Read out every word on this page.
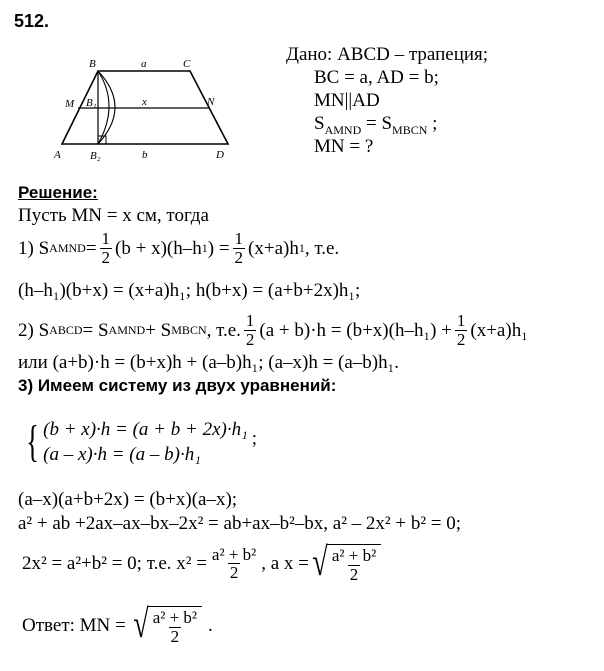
512.
B	a	C
M B₁	x	N
A	B₂	b	D
Дано: ABCD – трапеция;
BC = a, AD = b;
MN||AD
$S_{AMND} = S_{MBCN}$ ;
MN = ?
Решение:
Пусть MN = x см, тогда
1) S AMND = $\frac{1}{2} (b + x)(h-h$ 1 ) = $\frac{1}{2} (x+a)h$ 1 , т.е.
(h–h₁)(b+x) = (x+a)h₁; h(b+x) = (a+b+2x)h₁;
2) S ABCD = S AMND + S MBCN , т.е. $\frac{1}{2} (a + b)\cdot h = (b+x)(h-h_1) + \frac{1}{2} (x+a)h_1$
или (a+b)·h = (b+x)h + (a–b)h₁; (a–x)h = (a–b)h₁.
3) Имеем систему из двух уравнений:
{ (b + x)·h = (a + b + 2x)·h₁
(a – x)·h = (a – b)·h₁
;
(a–x)(a+b+2x) = (b+x)(a–x);
a² + ab +2ax–ax–bx–2x² = ab+ax–b²–bx, a² – 2x² + b² = 0;
2x² = a²+b² = 0; т.е. $x^2 = \frac{\text{a² + b²}}{2}$ , а x = √ $\frac{\text{a² + b²}}{2}$
Ответ: MN = √ $\frac{\text{a² + b²}}{2}$ .
